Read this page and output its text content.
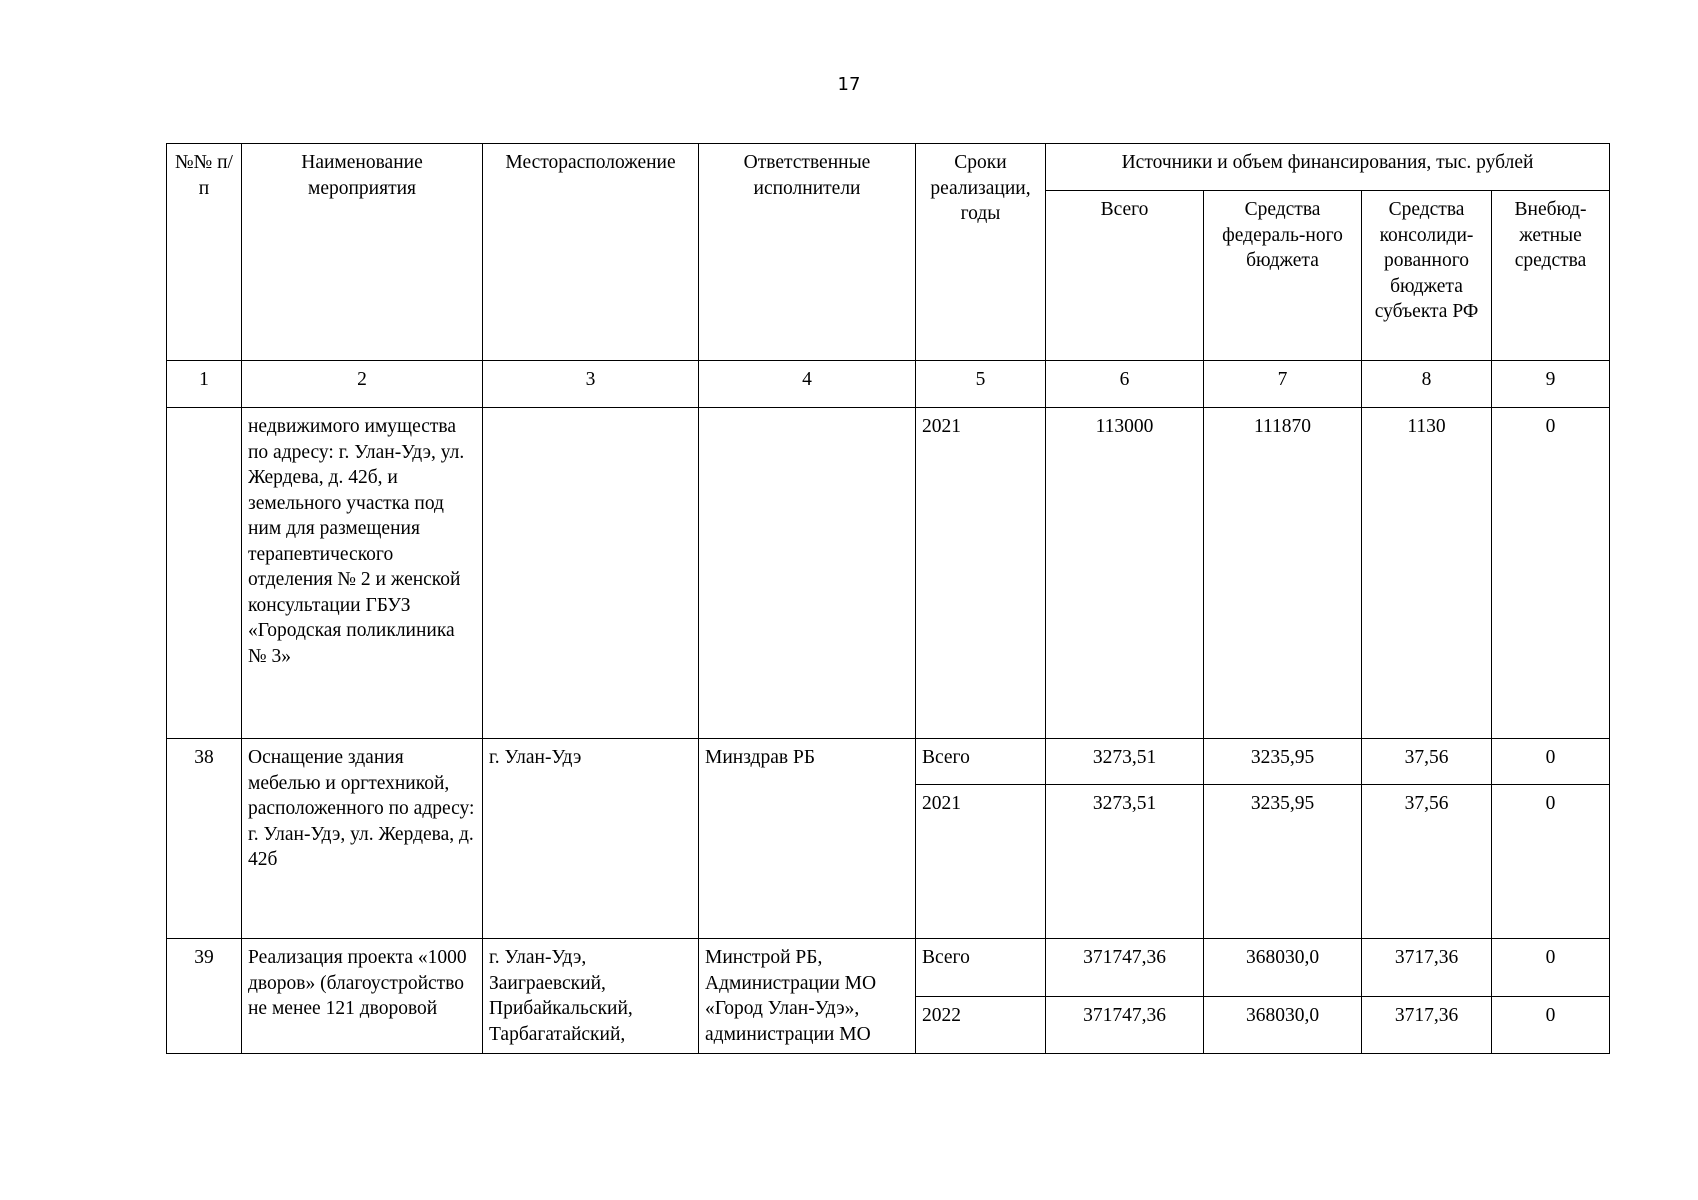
17
№№ п/п	Наименование мероприятия	Месторасположение	Ответственные исполнители	Сроки реализации, годы	Источники и объем финансирования, тыс. рублей			
					Всего	Средства федераль-ного бюджета	Средства консолиди-рованного бюджета субъекта РФ	Внебюд-жетные средства
1	2	3	4	5	6	7	8	9
	недвижимого имущества по адресу: г. Улан-Удэ, ул. Жердева, д. 42б, и земельного участка под ним для размещения терапевтического отделения № 2 и женской консультации ГБУЗ «Городская поликлиника № 3»			2021	113000	111870	1130	0
38	Оснащение здания мебелью и оргтехникой, расположенного по адресу: г. Улан-Удэ, ул. Жердева, д. 42б	г. Улан-Удэ	Минздрав РБ	Всего	3273,51	3235,95	37,56	0
				2021	3273,51	3235,95	37,56	0
39	Реализация проекта «1000 дворов» (благоустройство не менее 121 дворовой	г. Улан-Удэ, Заиграевский, Прибайкальский, Тарбагатайский,	Минстрой РБ, Администрации МО «Город Улан-Удэ», администрации МО	Всего	371747,36	368030,0	3717,36	0
				2022	371747,36	368030,0	3717,36	0
